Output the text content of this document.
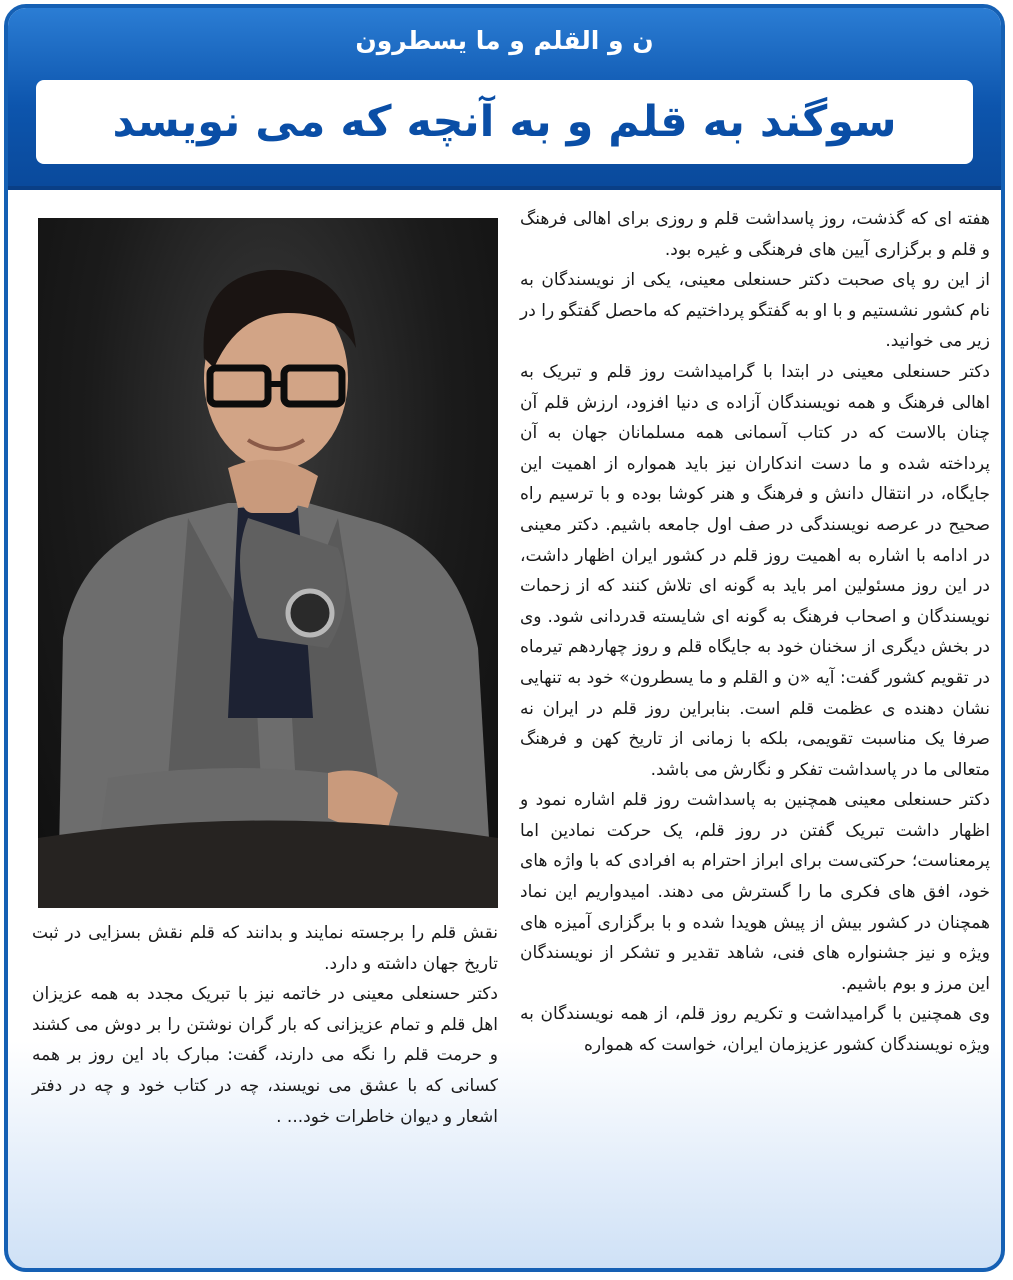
ن و القلم و ما یسطرون
سوگند به قلم و به آنچه که می نویسد

هفته ای که گذشت، روز پاسداشت قلم و روزی برای اهالی فرهنگ و قلم و برگزاری آیین های فرهنگی و غیره بود.

از این رو پای صحبت دکتر حسنعلی معینی، یکی از نویسندگان به نام کشور نشستیم و با او به گفتگو پرداختیم که ماحصل گفتگو را در زیر می خوانید.

دکتر حسنعلی معینی در ابتدا با گرامیداشت روز قلم و تبریک به اهالی فرهنگ و همه نویسندگان آزاده ی دنیا افزود، ارزش قلم آن چنان بالاست که در کتاب آسمانی همه مسلمانان جهان به آن پرداخته شده و ما دست اندکاران نیز باید همواره از اهمیت این جایگاه، در انتقال دانش و فرهنگ و هنر کوشا بوده و با ترسیم راه صحیح در عرصه نویسندگی در صف اول جامعه باشیم. دکتر معینی در ادامه با اشاره به اهمیت روز قلم در کشور ایران اظهار داشت، در این روز مسئولین امر باید به گونه ای تلاش کنند که از زحمات نویسندگان و اصحاب فرهنگ به گونه ای شایسته قدردانی شود. وی در بخش دیگری از سخنان خود به جایگاه قلم و روز چهاردهم تیرماه در تقویم کشور گفت: آیه «ن و القلم و ما یسطرون» خود به تنهایی نشان دهنده ی عظمت قلم است. بنابراین روز قلم در ایران نه صرفا یک مناسبت تقویمی، بلکه با زمانی از تاریخ کهن و فرهنگ متعالی ما در پاسداشت تفکر و نگارش می باشد.

دکتر حسنعلی معینی همچنین به پاسداشت روز قلم اشاره نمود و اظهار داشت تبریک گفتن در روز قلم، یک حرکت نمادین اما پرمعناست؛ حرکتی‌ست برای ابراز احترام به افرادی که با واژه های خود، افق های فکری ما را گسترش می دهند. امیدواریم این نماد همچنان در کشور بیش از پیش هویدا شده و با برگزاری آمیزه های ویژه و نیز جشنواره های فنی، شاهد تقدیر و تشکر از نویسندگان این مرز و بوم باشیم.

وی همچنین با گرامیداشت و تکریم روز قلم، از همه نویسندگان به ویژه نویسندگان کشور عزیزمان ایران، خواست که همواره

نقش قلم را برجسته نمایند و بدانند که قلم نقش بسزایی در ثبت تاریخ جهان داشته و دارد.

دکتر حسنعلی معینی در خاتمه نیز با تبریک مجدد به همه عزیزان اهل قلم و تمام عزیزانی که بار گران نوشتن را بر دوش می کشند و حرمت قلم را نگه می دارند، گفت: مبارک باد این روز بر همه کسانی که با عشق می نویسند، چه در کتاب خود و چه در دفتر اشعار و دیوان خاطرات خود... .
